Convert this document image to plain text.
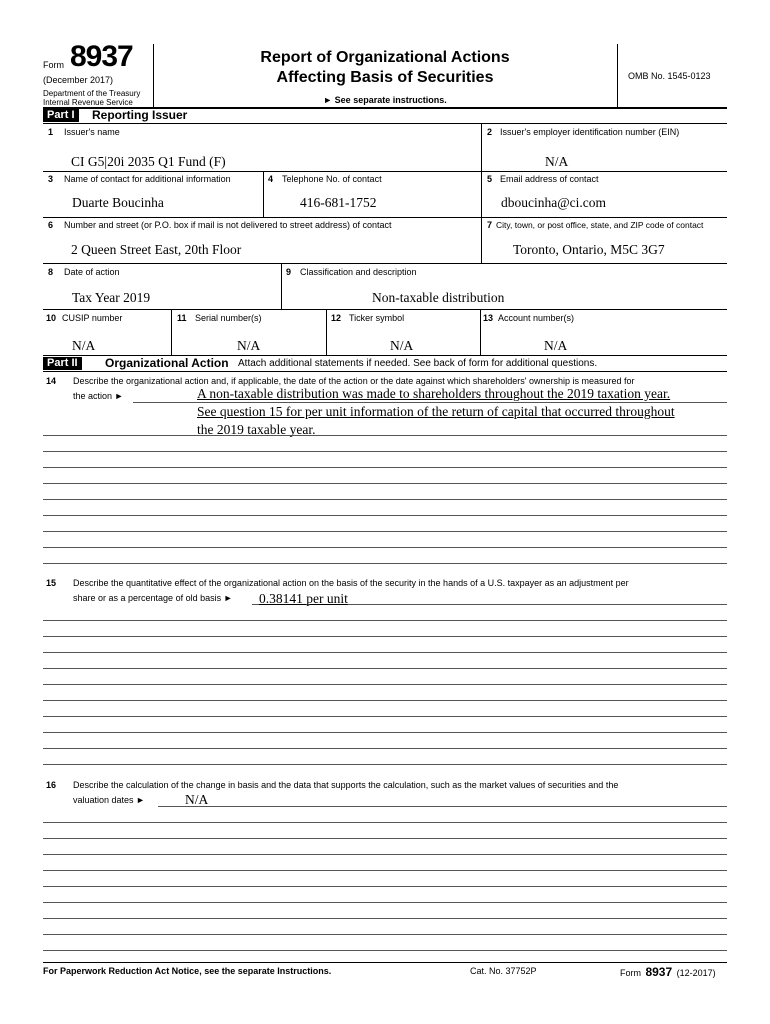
Form 8937
(December 2017)
Department of the Treasury
Internal Revenue Service
Report of Organizational Actions
Affecting Basis of Securities
► See separate instructions.
OMB No. 1545-0123
Part I	Reporting Issuer
1 Issuer's name
CI G5|20i 2035 Q1 Fund (F)
2 Issuer's employer identification number (EIN)
N/A
3 Name of contact for additional information
Duarte Boucinha
4 Telephone No. of contact
416-681-1752
5 Email address of contact
dboucinha@ci.com
6 Number and street (or P.O. box if mail is not delivered to street address) of contact
2 Queen Street East, 20th Floor
7 City, town, or post office, state, and ZIP code of contact
Toronto, Ontario, M5C 3G7
8 Date of action
Tax Year 2019
9 Classification and description
Non-taxable distribution
10 CUSIP number
N/A
11 Serial number(s)
N/A
12 Ticker symbol
N/A
13 Account number(s)
N/A
Part II	Organizational Action Attach additional statements if needed. See back of form for additional questions.
14 Describe the organizational action and, if applicable, the date of the action or the date against which shareholders' ownership is measured for
the action ►	A non-taxable distribution was made to shareholders throughout the 2019 taxation year.
See question 15 for per unit information of the return of capital that occurred throughout
the 2019 taxable year.
15 Describe the quantitative effect of the organizational action on the basis of the security in the hands of a U.S. taxpayer as an adjustment per
share or as a percentage of old basis ► 0.38141 per unit
16 Describe the calculation of the change in basis and the data that supports the calculation, such as the market values of securities and the
valuation dates ►	N/A
For Paperwork Reduction Act Notice, see the separate Instructions.	Cat. No. 37752P	Form 8937 (12-2017)
